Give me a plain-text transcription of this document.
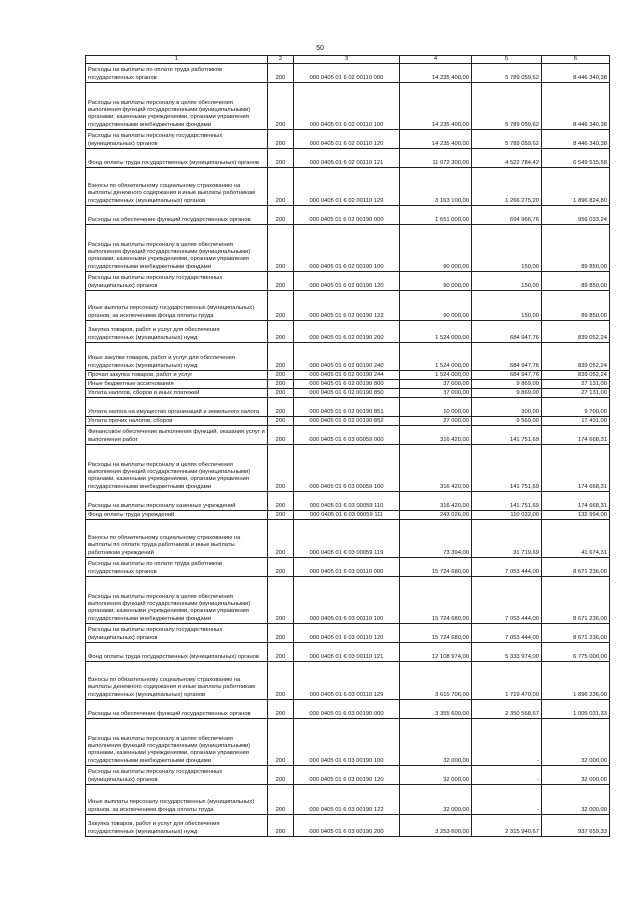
50
1	2	3	4	5	6
Расходы на выплаты по оплате труда работников государственных органов	200	000 0405 01 6 02 00110 000	14 235 400,00	5 789 059,62	8 446 340,38
Расходы на выплаты персоналу в целях обеспечения выполнения функций государственными (муниципальными) органами, казенными учреждениями, органами управления государственными внебюджетными фондами	200	000 0405 01 6 02 00110 100	14 235 400,00	5 789 059,62	8 446 340,38
Расходы на выплаты персоналу государственных (муниципальных) органов	200	000 0405 01 6 02 00110 120	14 235 400,00	5 789 059,62	8 446 340,38
Фонд оплаты труда государственных (муниципальных) органов	200	000 0405 01 6 02 00110 121	11 072 300,00	4 522 784,42	6 549 515,58
Взносы по обязательному социальному страхованию на выплаты денежного содержания и иные выплаты работникам государственных (муниципальных) органов	200	000 0405 01 6 02 00110 129	3 163 100,00	1 266 275,20	1 896 824,80
Расходы на обеспечение функций государственных органов	200	000 0405 01 6 02 00190 000	1 651 000,00	694 966,76	956 033,24
Расходы на выплаты персоналу в целях обеспечения выполнения функций государственными (муниципальными) органами, казенными учреждениями, органами управления государственными внебюджетными фондами	200	000 0405 01 6 02 00190 100	90 000,00	150,00	89 850,00
Расходы на выплаты персоналу государственных (муниципальных) органов	200	000 0405 01 6 02 00190 120	90 000,00	150,00	89 850,00
Иные выплаты персоналу государственных (муниципальных) органов, за исключением фонда оплаты труда	200	000 0405 01 6 02 00190 122	90 000,00	150,00	89 850,00
Закупка товаров, работ и услуг для обеспечения государственных (муниципальных) нужд	200	000 0405 01 6 02 00190 200	1 524 000,00	684 947,76	839 052,24
Иные закупки товаров, работ и услуг для обеспечения государственных (муниципальных) нужд	200	000 0405 01 6 02 00190 240	1 524 000,00	684 947,76	839 052,24
Прочая закупка товаров, работ и услуг	200	000 0405 01 6 02 00190 244	1 524 000,00	684 947,76	839 052,24
Иные бюджетные ассигнования	200	000 0405 01 6 02 00190 800	37 000,00	9 869,00	27 131,00
Уплата налогов, сборов и иных платежей	200	000 0405 01 6 02 00190 850	37 000,00	9 869,00	27 131,00
Уплата налога на имущество организаций и земельного налога	200	000 0405 01 6 02 00190 851	10 000,00	300,00	9 700,00
Уплата прочих налогов, сборов	200	000 0405 01 6 02 00190 852	27 000,00	9 569,00	17 431,00
Финансовое обеспечение выполнения функций, оказания услуг и выполнения работ	200	000 0405 01 6 03 00059 000	316 420,00	141 751,69	174 668,31
Расходы на выплаты персоналу в целях обеспечения выполнения функций государственными (муниципальными) органами, казенными учреждениями, органами управления государственными внебюджетными фондами	200	000 0405 01 6 03 00059 100	316 420,00	141 751,69	174 668,31
Расходы на выплаты персоналу казенных учреждений	200	000 0405 01 6 03 00059 110	316 420,00	141 751,69	174 668,31
Фонд оплаты труда учреждений	200	000 0405 01 6 03 00059 111	243 026,00	110 032,00	132 994,00
Взносы по обязательному социальному страхованию на выплаты по оплате труда работников и иные выплаты работникам учреждений	200	000 0405 01 6 03 00059 119	73 394,00	31 719,69	41 674,31
Расходы на выплаты по оплате труда работников государственных органов	200	000 0405 01 6 03 00110 000	15 724 680,00	7 053 444,00	8 671 236,00
Расходы на выплаты персоналу в целях обеспечения выполнения функций государственными (муниципальными) органами, казенными учреждениями, органами управления государственными внебюджетными фондами	200	000 0405 01 6 03 00110 100	15 724 680,00	7 053 444,00	8 671 236,00
Расходы на выплаты персоналу государственных (муниципальных) органов	200	000 0405 01 6 03 00110 120	15 724 680,00	7 053 444,00	8 671 236,00
Фонд оплаты труда государственных (муниципальных) органов	200	000 0405 01 6 03 00110 121	12 108 974,00	5 333 974,00	6 775 000,00
Взносы по обязательному социальному страхованию на выплаты денежного содержания и иные выплаты работникам государственных (муниципальных) органов	200	000 0405 01 6 03 00110 129	3 615 706,00	1 719 470,00	1 896 236,00
Расходы на обеспечение функций государственных органов	200	000 0405 01 6 03 00190 000	3 355 600,00	2 350 568,67	1 005 031,33
Расходы на выплаты персоналу в целях обеспечения выполнения функций государственными (муниципальными) органами, казенными учреждениями, органами управления государственными внебюджетными фондами	200	000 0405 01 6 03 00190 100	32 000,00	-	32 000,00
Расходы на выплаты персоналу государственных (муниципальных) органов	200	000 0405 01 6 03 00190 120	32 000,00	-	32 000,00
Иные выплаты персоналу государственных (муниципальных) органов, за исключением фонда оплаты труда	200	000 0405 01 6 03 00190 122	32 000,00	-	32 000,00
Закупка товаров, работ и услуг для обеспечения государственных (муниципальных) нужд	200	000 0405 01 6 03 00190 200	3 253 600,00	2 315 940,67	937 659,33
